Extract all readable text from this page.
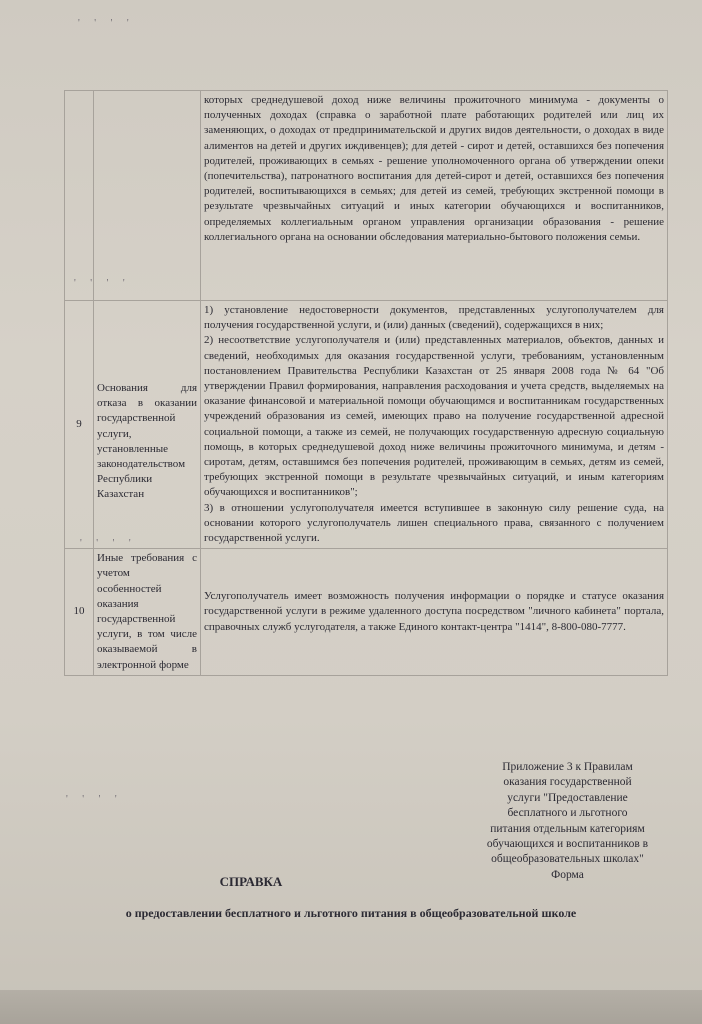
' ' ' '
' ' ' '
' ' ' '
' ' ' '
		которых среднедушевой доход ниже величины прожиточного минимума - документы о полученных доходах (справка о заработной плате работающих родителей или лиц их заменяющих, о доходах от предпринимательской и других видов деятельности, о доходах в виде алиментов на детей и других иждивенцев); для детей - сирот и детей, оставшихся без попечения родителей, проживающих в семьях - решение уполномоченного органа об утверждении опеки (попечительства), патронатного воспитания для детей-сирот и детей, оставшихся без попечения родителей, воспитывающихся в семьях; для детей из семей, требующих экстренной помощи в результате чрезвычайных ситуаций и иных категории обучающихся и воспитанников, определяемых коллегиальным органом управления организации образования - решение коллегиального органа на основании обследования материально-бытового положения семьи.
9	Основания для отказа в оказании государственной услуги, установленные законодательством Республики Казахстан	1) установление недостоверности документов, представленных услугополучателем для получения государственной услуги, и (или) данных (сведений), содержащихся в них;
2) несоответствие услугополучателя и (или) представленных материалов, объектов, данных и сведений, необходимых для оказания государственной услуги, требованиям, установленным постановлением Правительства Республики Казахстан от 25 января 2008 года № 64 "Об утверждении Правил формирования, направления расходования и учета средств, выделяемых на оказание финансовой и материальной помощи обучающимся и воспитанникам государственных учреждений образования из семей, имеющих право на получение государственной адресной социальной помощи, а также из семей, не получающих государственную адресную социальную помощь, в которых среднедушевой доход ниже величины прожиточного минимума, и детям - сиротам, детям, оставшимся без попечения родителей, проживающим в семьях, детям из семей, требующих экстренной помощи в результате чрезвычайных ситуаций, и иным категориям обучающихся и воспитанников";
3) в отношении услугополучателя имеется вступившее в законную силу решение суда, на основании которого услугополучатель лишен специального права, связанного с получением государственной услуги.

10	Иные требования с учетом особенностей оказания государственной услуги, в том числе оказываемой в электронной форме	Услугополучатель имеет возможность получения информации о порядке и статусе оказания государственной услуги в режиме удаленного доступа посредством "личного кабинета" портала, справочных служб услугодателя, а также Единого контакт-центра "1414", 8-800-080-7777.
Приложение 3 к Правилам
оказания государственной
услуги "Предоставление
бесплатного и льготного
питания отдельным категориям
обучающихся и воспитанников в
общеобразовательных школах"
Форма
СПРАВКА
о предоставлении бесплатного и льготного питания в общеобразовательной школе
